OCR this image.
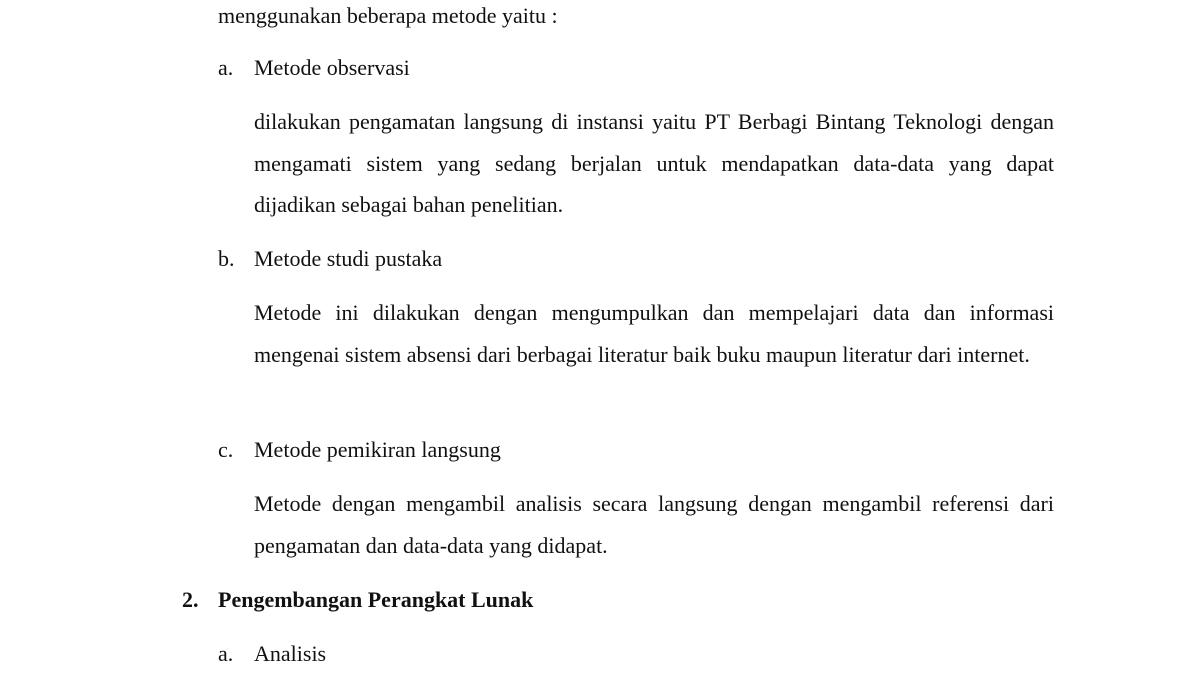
menggunakan beberapa metode yaitu :
a. Metode observasi
dilakukan pengamatan langsung di instansi yaitu PT Berbagi Bintang Teknologi dengan mengamati sistem yang sedang berjalan untuk mendapatkan data-data yang dapat dijadikan sebagai bahan penelitian.
b. Metode studi pustaka
Metode ini dilakukan dengan mengumpulkan dan mempelajari data dan informasi mengenai sistem absensi dari berbagai literatur baik buku maupun literatur dari internet.
c. Metode pemikiran langsung
Metode dengan mengambil analisis secara langsung dengan mengambil referensi dari pengamatan dan data-data yang didapat.
2. Pengembangan Perangkat Lunak
a. Analisis
